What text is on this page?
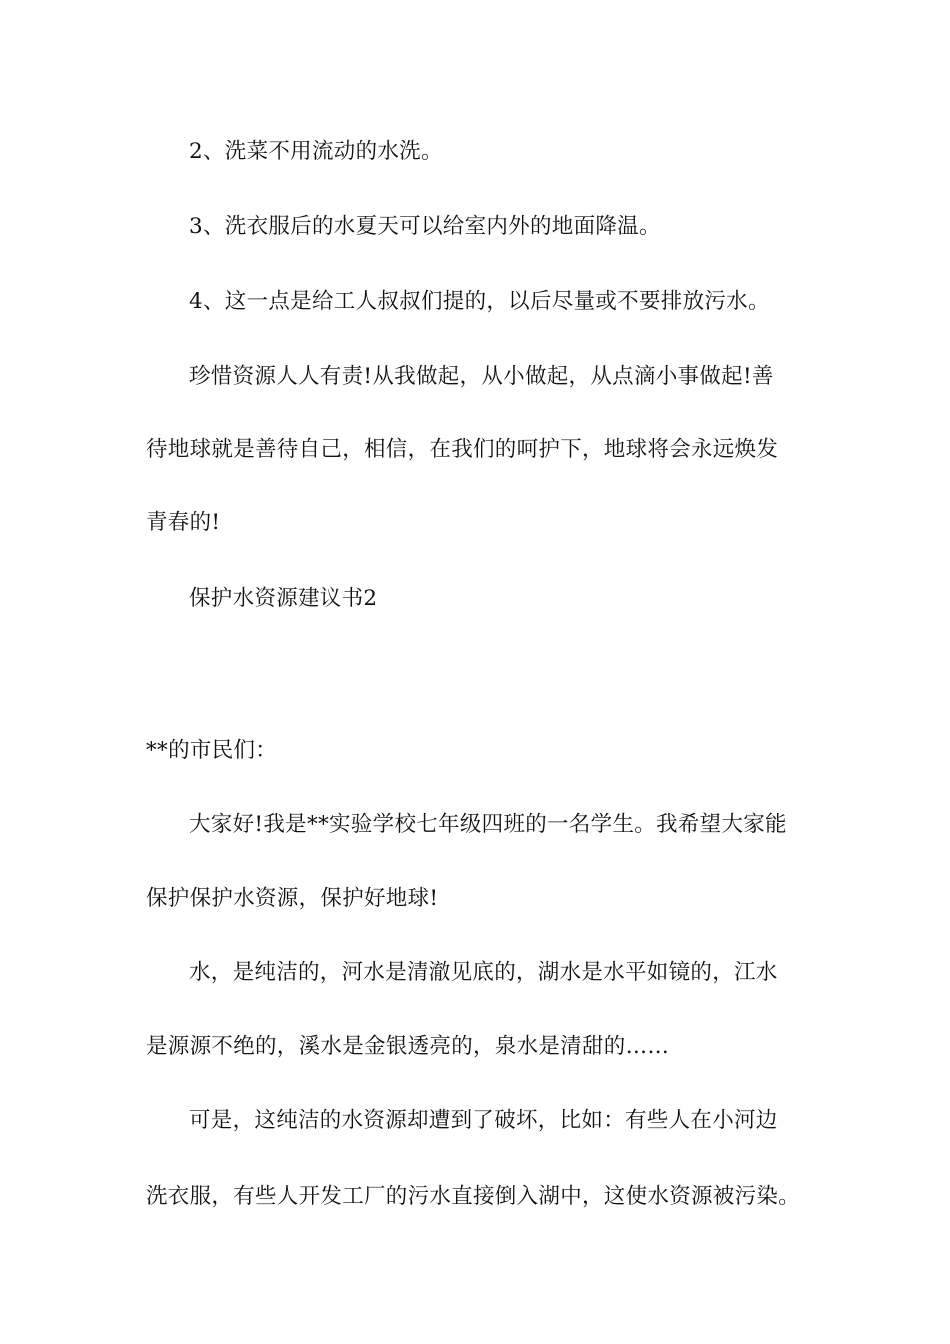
2、洗菜不用流动的水洗。
3、洗衣服后的水夏天可以给室内外的地面降温。
4、这一点是给工人叔叔们提的，以后尽量或不要排放污水。
珍惜资源人人有责!从我做起，从小做起，从点滴小事做起!善
待地球就是善待自己，相信，在我们的呵护下，地球将会永远焕发
青春的!
保护水资源建议书2
**的市民们：
大家好!我是**实验学校七年级四班的一名学生。我希望大家能
保护保护水资源，保护好地球!
水，是纯洁的，河水是清澈见底的，湖水是水平如镜的，江水
是源源不绝的，溪水是金银透亮的，泉水是清甜的……
可是，这纯洁的水资源却遭到了破坏，比如：有些人在小河边
洗衣服，有些人开发工厂的污水直接倒入湖中，这使水资源被污染。
